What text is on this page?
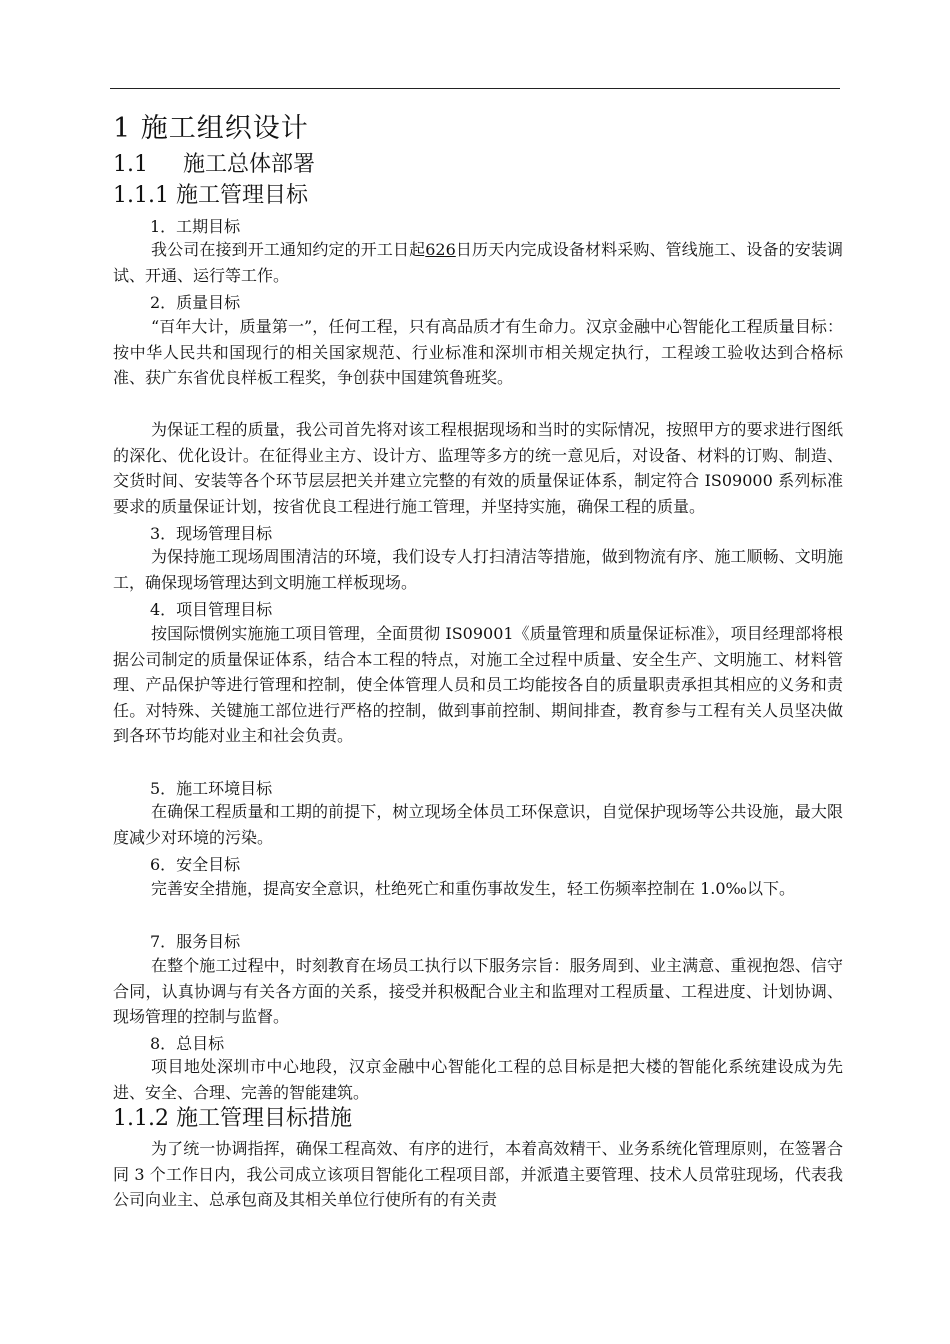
1 施工组织设计
1.1 施工总体部署
1.1.1 施工管理目标
1．工期目标
我公司在接到开工通知约定的开工日起626日历天内完成设备材料采购、管线施工、设备的安装调试、开通、运行等工作。
2．质量目标
“百年大计，质量第一”，任何工程，只有高品质才有生命力。汉京金融中心智能化工程质量目标：按中华人民共和国现行的相关国家规范、行业标准和深圳市相关规定执行，工程竣工验收达到合格标准、获广东省优良样板工程奖，争创获中国建筑鲁班奖。
为保证工程的质量，我公司首先将对该工程根据现场和当时的实际情况，按照甲方的要求进行图纸的深化、优化设计。在征得业主方、设计方、监理等多方的统一意见后，对设备、材料的订购、制造、交货时间、安装等各个环节层层把关并建立完整的有效的质量保证体系，制定符合 IS09000 系列标准要求的质量保证计划，按省优良工程进行施工管理，并坚持实施，确保工程的质量。
3．现场管理目标
为保持施工现场周围清洁的环境，我们设专人打扫清洁等措施，做到物流有序、施工顺畅、文明施工，确保现场管理达到文明施工样板现场。
4．项目管理目标
按国际惯例实施施工项目管理，全面贯彻 IS09001《质量管理和质量保证标准》，项目经理部将根据公司制定的质量保证体系，结合本工程的特点，对施工全过程中质量、安全生产、文明施工、材料管理、产品保护等进行管理和控制，使全体管理人员和员工均能按各自的质量职责承担其相应的义务和责任。对特殊、关键施工部位进行严格的控制，做到事前控制、期间排查，教育参与工程有关人员坚决做到各环节均能对业主和社会负责。
5．施工环境目标
在确保工程质量和工期的前提下，树立现场全体员工环保意识，自觉保护现场等公共设施，最大限度减少对环境的污染。
6．安全目标
完善安全措施，提高安全意识，杜绝死亡和重伤事故发生，轻工伤频率控制在 1.0‰以下。
7．服务目标
在整个施工过程中，时刻教育在场员工执行以下服务宗旨：服务周到、业主满意、重视抱怨、信守合同，认真协调与有关各方面的关系，接受并积极配合业主和监理对工程质量、工程进度、计划协调、现场管理的控制与监督。
8．总目标
项目地处深圳市中心地段，汉京金融中心智能化工程的总目标是把大楼的智能化系统建设成为先进、安全、合理、完善的智能建筑。
1.1.2 施工管理目标措施
为了统一协调指挥，确保工程高效、有序的进行，本着高效精干、业务系统化管理原则，在签署合同 3 个工作日内，我公司成立该项目智能化工程项目部，并派遣主要管理、技术人员常驻现场，代表我公司向业主、总承包商及其相关单位行使所有的有关责
